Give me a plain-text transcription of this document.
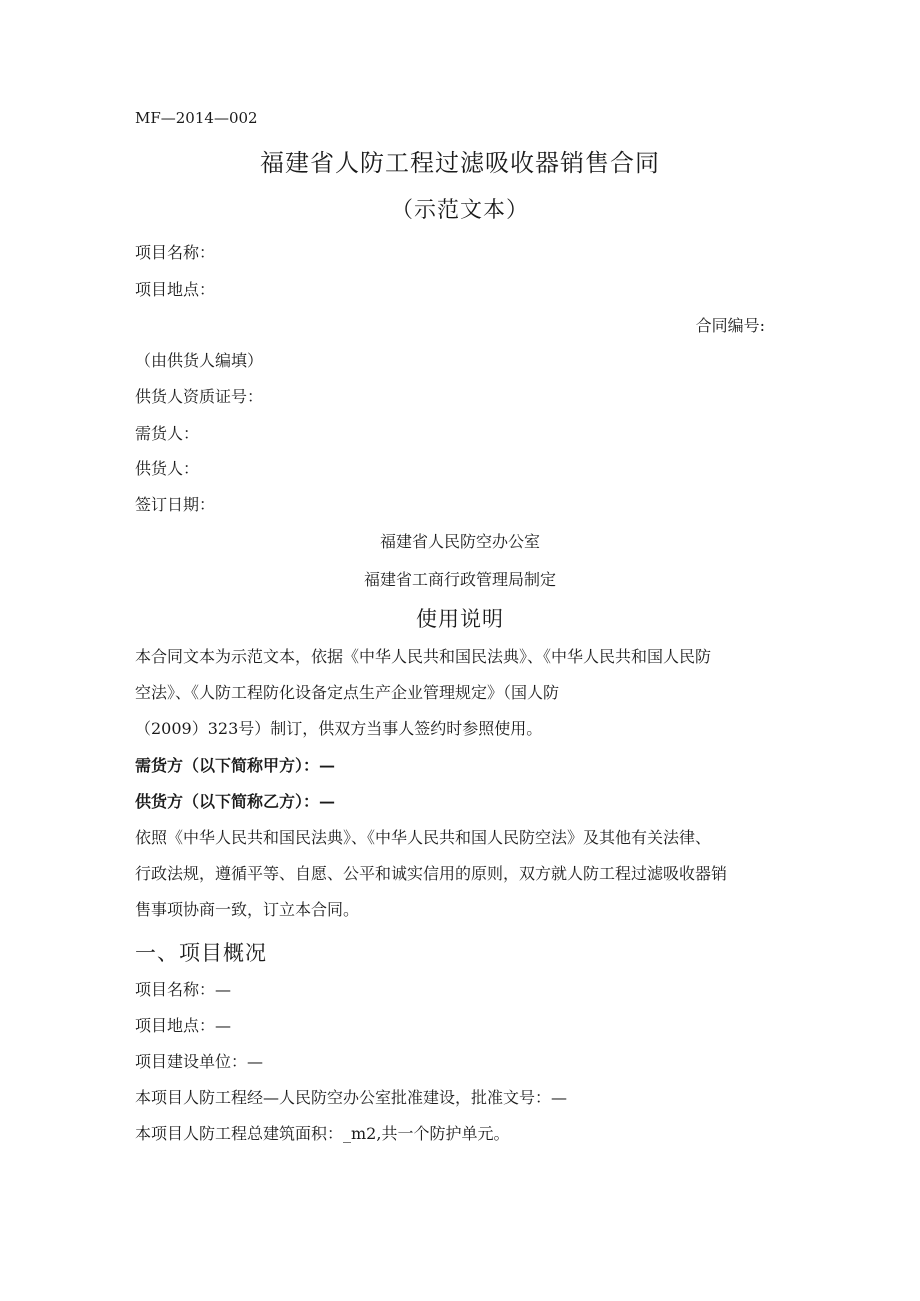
MF—2014—002
福建省人防工程过滤吸收器销售合同
（示范文本）
项目名称：
项目地点：
合同编号:
（由供货人编填）
供货人资质证号：
需货人：
供货人：
签订日期：
福建省人民防空办公室
福建省工商行政管理局制定
使用说明
本合同文本为示范文本，依据《中华人民共和国民法典》、《中华人民共和国人民防
空法》、《人防工程防化设备定点生产企业管理规定》（国人防
（2009）323号）制订，供双方当事人签约时参照使用。
需货方（以下简称甲方）：—
供货方（以下简称乙方）：—
依照《中华人民共和国民法典》、《中华人民共和国人民防空法》及其他有关法律、
行政法规，遵循平等、自愿、公平和诚实信用的原则，双方就人防工程过滤吸收器销
售事项协商一致，订立本合同。
一、项目概况
项目名称：—
项目地点：—
项目建设单位：—
本项目人防工程经—人民防空办公室批准建设，批准文号：—
本项目人防工程总建筑面积：_m2,共一个防护单元。
